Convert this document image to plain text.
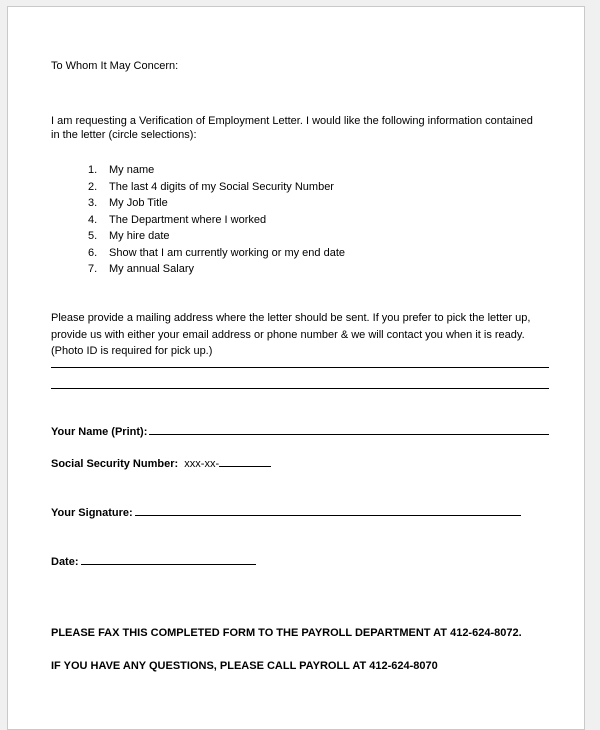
To Whom It May Concern:
I am requesting a Verification of Employment Letter. I would like the following information contained
in the letter (circle selections):
1. My name
2. The last 4 digits of my Social Security Number
3. My Job Title
4. The Department where I worked
5. My hire date
6. Show that I am currently working or my end date
7. My annual Salary
Please provide a mailing address where the letter should be sent. If you prefer to pick the letter up,
provide us with either your email address or phone number & we will contact you when it is ready.
(Photo ID is required for pick up.)
Your Name (Print):
Social Security Number: xxx-xx-
Your Signature:
Date:
PLEASE FAX THIS COMPLETED FORM TO THE PAYROLL DEPARTMENT AT 412-624-8072.
IF YOU HAVE ANY QUESTIONS, PLEASE CALL PAYROLL AT 412-624-8070
